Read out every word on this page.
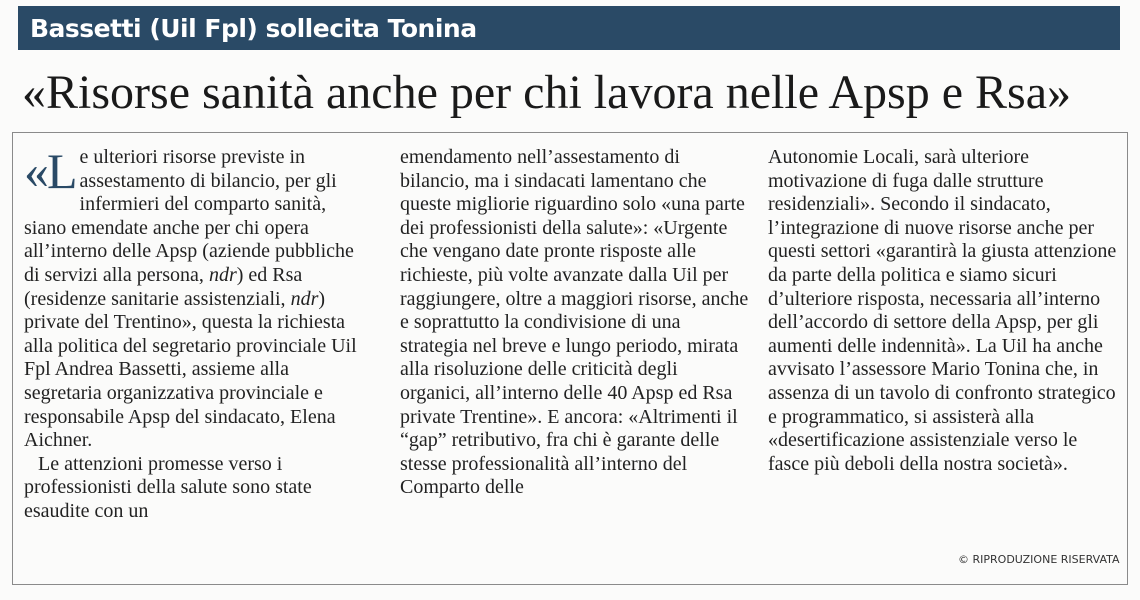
Bassetti (Uil Fpl) sollecita Tonina
«Risorse sanità anche per chi lavora nelle Apsp e Rsa»

«Le ulteriori risorse previste in assestamento di bilancio, per gli infermieri del comparto sanità, siano emendate anche per chi opera all’interno delle Apsp (aziende pubbliche di servizi alla persona, ndr) ed Rsa (residenze sanitarie assistenziali, ndr) private del Trentino», questa la richiesta alla politica del segretario provinciale Uil Fpl Andrea Bassetti, assieme alla segretaria organizzativa provinciale e responsabile Apsp del sindacato, Elena Aichner.

Le attenzioni promesse verso i professionisti della salute sono state esaudite con un

emendamento nell’assestamento di bilancio, ma i sindacati lamentano che queste migliorie riguardino solo «una parte dei professionisti della salute»: «Urgente che vengano date pronte risposte alle richieste, più volte avanzate dalla Uil per raggiungere, oltre a maggiori risorse, anche e soprattutto la condivisione di una strategia nel breve e lungo periodo, mirata alla risoluzione delle criticità degli organici, all’interno delle 40 Apsp ed Rsa private Trentine». E ancora: «Altrimenti il “gap” retributivo, fra chi è garante delle stesse professionalità all’interno del Comparto delle

Autonomie Locali, sarà ulteriore motivazione di fuga dalle strutture residenziali». Secondo il sindacato, l’integrazione di nuove risorse anche per questi settori «garantirà la giusta attenzione da parte della politica e siamo sicuri d’ulteriore risposta, necessaria all’interno dell’accordo di settore della Apsp, per gli aumenti delle indennità». La Uil ha anche avvisato l’assessore Mario Tonina che, in assenza di un tavolo di confronto strategico e programmatico, si assisterà alla «desertificazione assistenziale verso le fasce più deboli della nostra società».

© RIPRODUZIONE RISERVATA
